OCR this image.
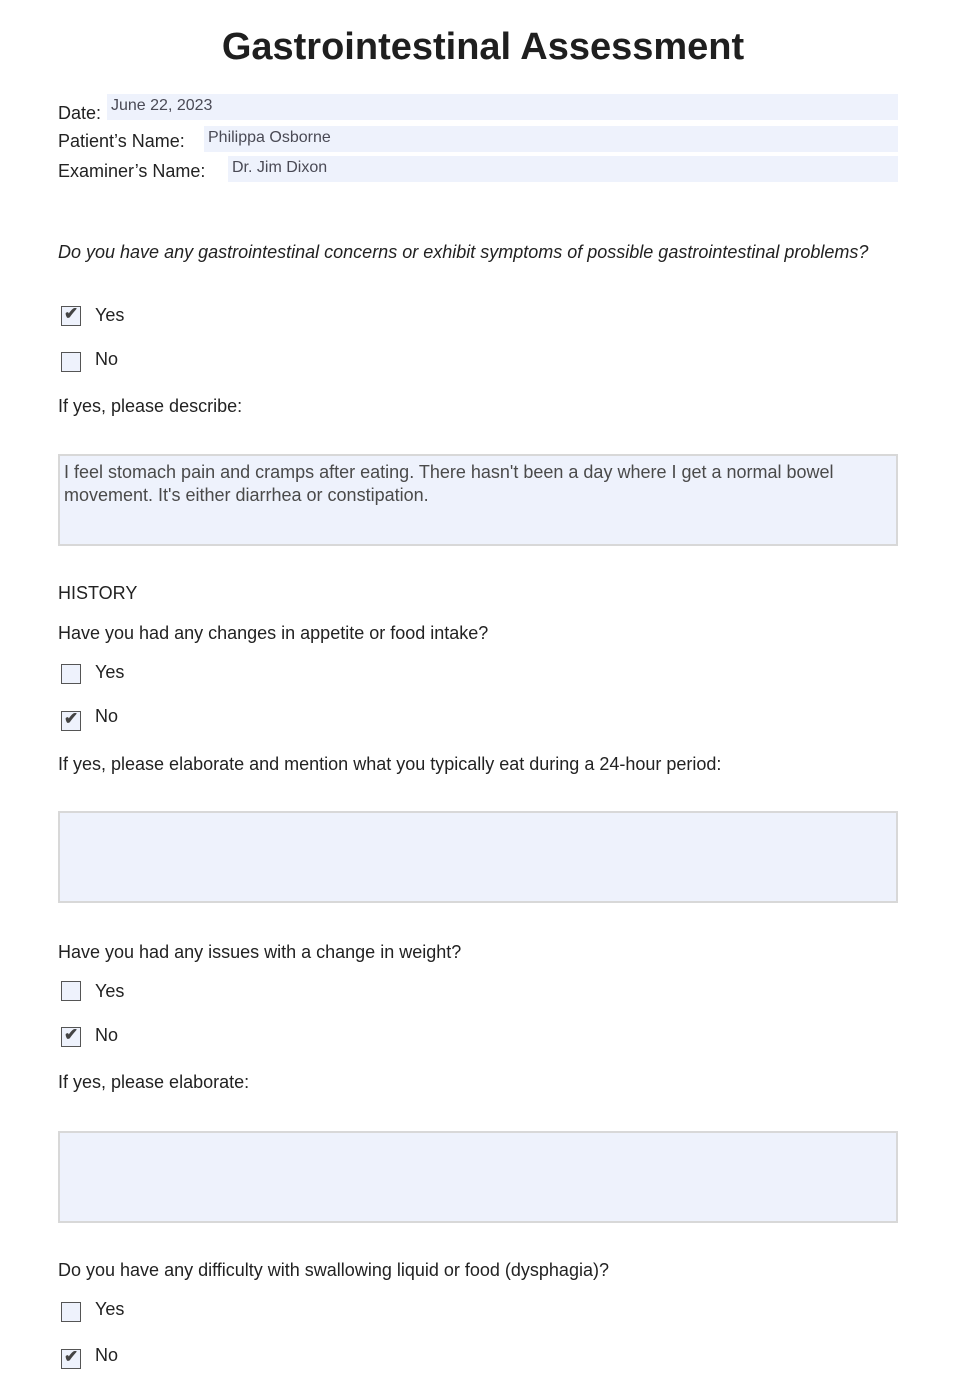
Gastrointestinal Assessment
Date: June 22, 2023
Patient’s Name: Philippa Osborne
Examiner’s Name: Dr. Jim Dixon
Do you have any gastrointestinal concerns or exhibit symptoms of possible gastrointestinal problems?
✔ Yes
No
If yes, please describe:
I feel stomach pain and cramps after eating. There hasn't been a day where I get a normal bowel movement. It's either diarrhea or constipation.
HISTORY
Have you had any changes in appetite or food intake?
Yes
✔ No
If yes, please elaborate and mention what you typically eat during a 24-hour period:
Have you had any issues with a change in weight?
Yes
✔ No
If yes, please elaborate:
Do you have any difficulty with swallowing liquid or food (dysphagia)?
Yes
✔ No
